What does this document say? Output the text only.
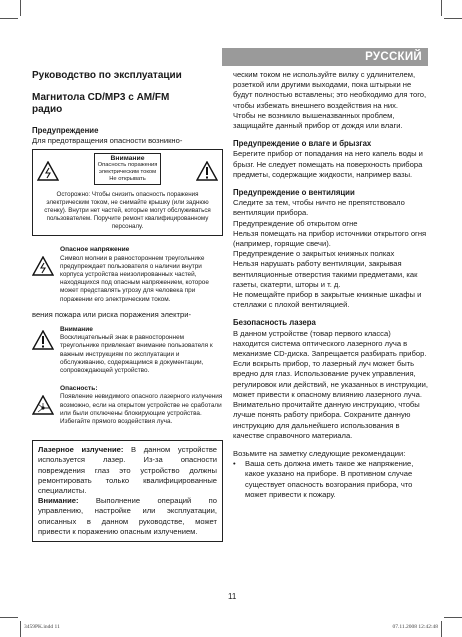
РУССКИЙ
Руководство по эксплуатации
Магнитола CD/MP3 с AM/FM
радио
Предупреждение

Для предотвращения опасности возникно-

Внимание
Опасность поражения
электрическим током
Не открывать
Осторожно: Чтобы снизить опасность поражения электрическим током, не снимайте крышку (или заднюю стенку). Внутри нет частей, которые могут обслуживаться пользователем. Поручите ремонт квалифицированному персоналу.
Опасное напряжение
Символ молнии в равностороннем треугольнике предупреждает пользователя о наличии внутри корпуса устройства неизолированных частей, находящихся под опасным напряжением, которое может представлять угрозу для человека при поражении его электрическим током.

вения пожара или риска поражения электри-

Внимание
Восклицательный знак в равностороннем треугольнике привлекает внимание пользователя к важным инструкциям по эксплуатации и обслуживанию, содержащимся в документации, сопровождающей устройство.
Опасность:
Появление невидимого опасного лазерного излучения возможно, если на открытом устройстве не сработали или были отключены блокирующие устройства. Избегайте прямого воздействия луча.
Лазерное излучение: В данном устройстве используется лазер. Из-за опасности повреждения глаз это устройство должны ремонтировать только квалифицированные специалисты.
Внимание: Выполнение операций по управлению, настройке или эксплуатации, описанных в данном руководстве, может привести к поражению опасным излучением.

ческим током не используйте вилку с удлинителем, розеткой или другими выходами, пока штырьки не будут полностью вставлены; это необходимо для того, чтобы избежать внешнего воздействия на них.

Чтобы не возникло вышеназванных проблем, защищайте данный прибор от дождя или влаги.

Предупреждение о влаге и брызгах

Берегите прибор от попадания на него капель воды и брызг. Не следует помещать на поверхность прибора предметы, содержащие жидкости, например вазы.

Предупреждение о вентиляции

Следите за тем, чтобы ничто не препятствовало вентиляции прибора.

Предупреждение об открытом огне

Нельзя помещать на прибор источники открытого огня (например, горящие свечи).

Предупреждение о закрытых книжных полках

Нельзя нарушать работу вентиляции, закрывая вентиляционные отверстия такими предметами, как газеты, скатерти, шторы и т. д.

Не помещайте прибор в закрытые книжные шкафы и стеллажи с плохой вентиляцией.

Безопасность лазера

В данном устройстве (товар первого класса) находится система оптического лазерного луча в механизме CD-диска. Запрещается разбирать прибор. Если вскрыть прибор, то лазерный луч может быть вредно для глаз. Использование ручек управления, регулировок или действий, не указанных в инструкции, может привести к опасному влиянию лазерного луча.

Внимательно прочитайте данную инструкцию, чтобы лучше понять работу прибора. Сохраните данную инструкцию для дальнейшего использования в качестве справочного материала.

Возьмите на заметку следующие рекомендации:

•	Ваша сеть должна иметь такое же напряжение, какое указано на приборе. В противном случае существует опасность возгорания прибора, что может привести к пожару.
11
3459PK.indd 11	07.11.2008 12:42:48
